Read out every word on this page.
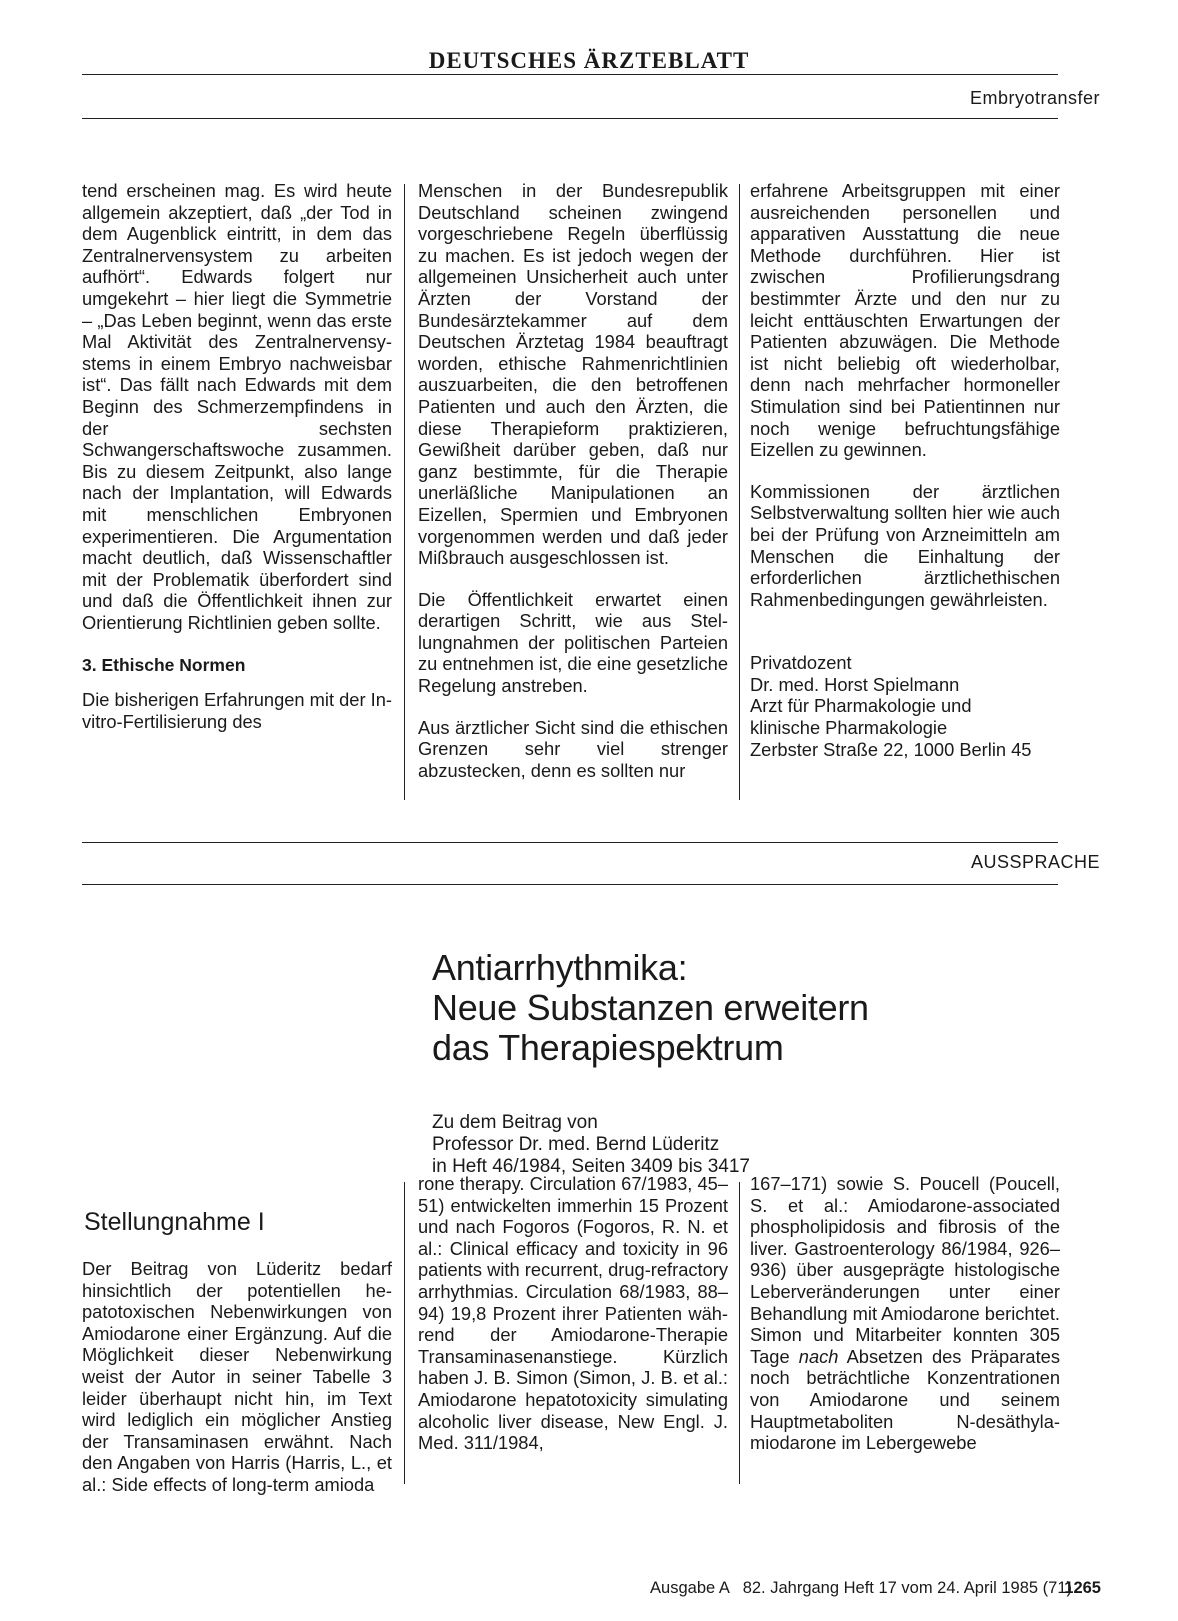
DEUTSCHES ÄRZTEBLATT
Embryotransfer

tend erscheinen mag. Es wird heute allgemein akzeptiert, daß „der Tod in dem Augenblick eintritt, in dem das Zentralnervensystem zu arbeiten aufhört“. Edwards folgert nur umgekehrt – hier liegt die Symmetrie – „Das Leben beginnt, wenn das erste Mal Aktivität des Zentralnervensystems in einem Embryo nachweisbar ist“. Das fällt nach Edwards mit dem Beginn des Schmerzempfindens in der sechsten Schwangerschaftswoche zusammen. Bis zu diesem Zeitpunkt, also lange nach der Implantation, will Edwards mit menschlichen Embryonen experimentieren. Die Argumentation macht deutlich, daß Wissenschaftler mit der Problematik überfordert sind und daß die Öffentlichkeit ihnen zur Orientierung Richtlinien geben sollte.

3. Ethische Normen

Die bisherigen Erfahrungen mit der In-vitro-Fertilisierung des

Menschen in der Bundesrepublik Deutschland scheinen zwingend vorgeschriebene Regeln überflüssig zu machen. Es ist jedoch wegen der allgemeinen Unsicherheit auch unter Ärzten der Vorstand der Bundesärztekammer auf dem Deutschen Ärztetag 1984 beauftragt worden, ethische Rahmenrichtlinien auszuarbeiten, die den betroffenen Patienten und auch den Ärzten, die diese Therapieform praktizieren, Gewißheit darüber geben, daß nur ganz bestimmte, für die Therapie unerläßliche Manipulationen an Eizellen, Spermien und Embryonen vorgenommen werden und daß jeder Mißbrauch ausgeschlossen ist.

Die Öffentlichkeit erwartet einen derartigen Schritt, wie aus Stellungnahmen der politischen Parteien zu entnehmen ist, die eine gesetzliche Regelung anstreben.

Aus ärztlicher Sicht sind die ethischen Grenzen sehr viel strenger abzustecken, denn es sollten nur

erfahrene Arbeitsgruppen mit einer ausreichenden personellen und apparativen Ausstattung die neue Methode durchführen. Hier ist zwischen Profilierungsdrang bestimmter Ärzte und den nur zu leicht enttäuschten Erwartungen der Patienten abzuwägen. Die Methode ist nicht beliebig oft wiederholbar, denn nach mehrfacher hormoneller Stimulation sind bei Patientinnen nur noch wenige befruchtungsfähige Eizellen zu gewinnen.

Kommissionen der ärztlichen Selbstverwaltung sollten hier wie auch bei der Prüfung von Arzneimitteln am Menschen die Einhaltung der erforderlichen ärztlichethischen Rahmenbedingungen gewährleisten.

Privatdozent
Dr. med. Horst Spielmann
Arzt für Pharmakologie und
klinische Pharmakologie
Zerbster Straße 22, 1000 Berlin 45
AUSSPRACHE
Antiarrhythmika:
Neue Substanzen erweitern
das Therapiespektrum
Zu dem Beitrag von
Professor Dr. med. Bernd Lüderitz
in Heft 46/1984, Seiten 3409 bis 3417
Stellungnahme I

Der Beitrag von Lüderitz bedarf hinsichtlich der potentiellen hepatotoxischen Nebenwirkungen von Amiodarone einer Ergänzung. Auf die Möglichkeit dieser Nebenwirkung weist der Autor in seiner Tabelle 3 leider überhaupt nicht hin, im Text wird lediglich ein möglicher Anstieg der Transaminasen erwähnt. Nach den Angaben von Harris (Harris, L., et al.: Side effects of long-term amioda

rone therapy. Circulation 67/1983, 45–51) entwickelten immerhin 15 Prozent und nach Fogoros (Fogoros, R. N. et al.: Clinical efficacy and toxicity in 96 patients with recurrent, drug-refractory arrhythmias. Circulation 68/1983, 88–94) 19,8 Prozent ihrer Patienten während der Amiodarone-Therapie Transaminasenanstiege. Kürzlich haben J. B. Simon (Simon, J. B. et al.: Amiodarone hepatotoxicity simulating alcoholic liver disease, New Engl. J. Med. 311/1984,

167–171) sowie S. Poucell (Poucell, S. et al.: Amiodarone-associated phospholipidosis and fibrosis of the liver. Gastroenterology 86/1984, 926–936) über ausgeprägte histologische Leberveränderungen unter einer Behandlung mit Amiodarone berichtet. Simon und Mitarbeiter konnten 305 Tage nach Absetzen des Präparates noch beträchtliche Konzentrationen von Amiodarone und seinem Hauptmetaboliten N-desäthylamiodarone im Lebergewebe

Ausgabe A   82. Jahrgang Heft 17 vom 24. April 1985 (71)
1265
